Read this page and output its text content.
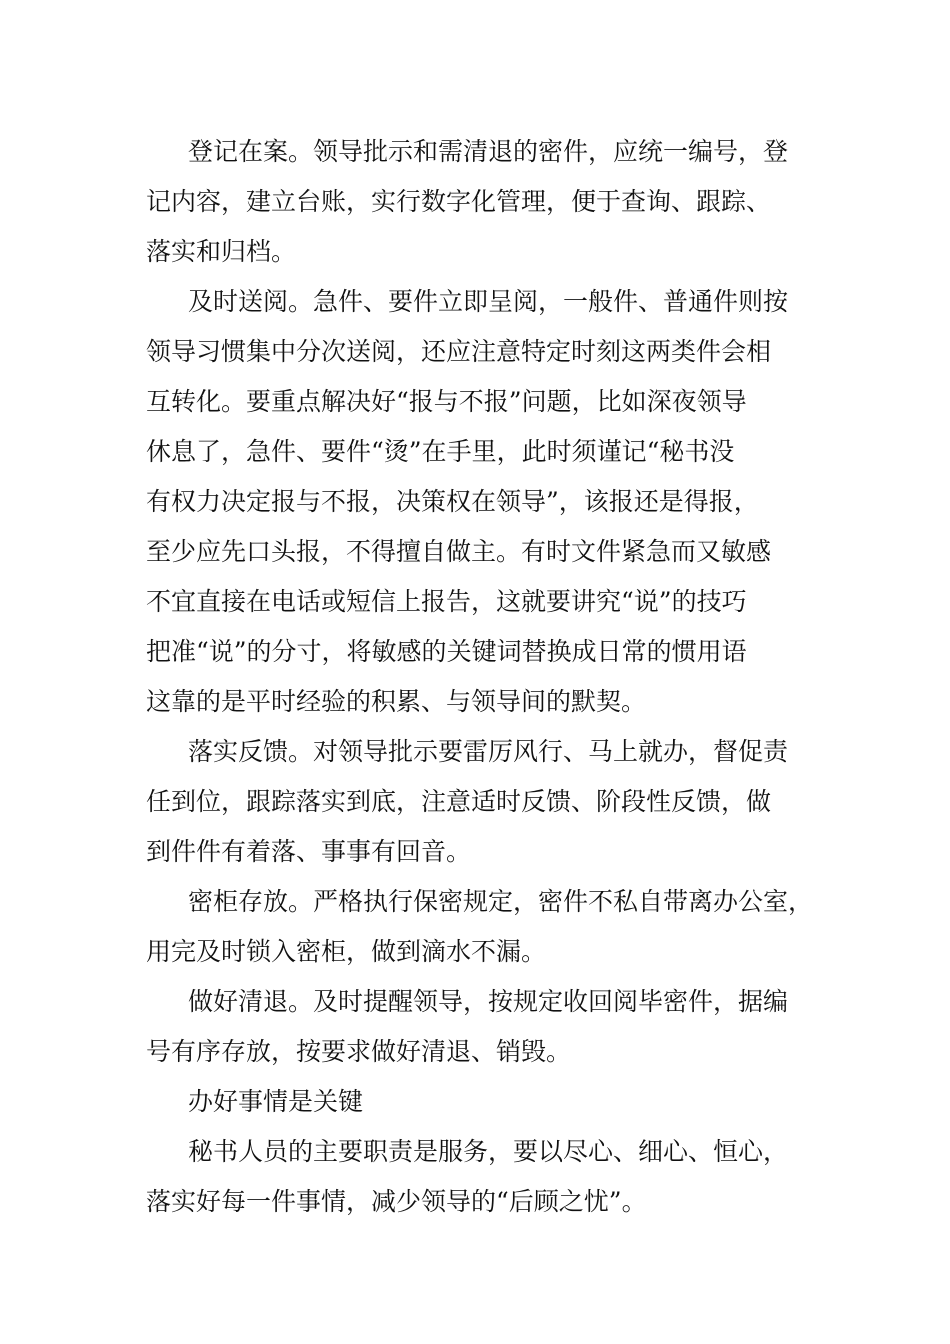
登记在案。领导批示和需清退的密件，应统一编号，登
记内容，建立台账，实行数字化管理，便于查询、跟踪、
落实和归档。

及时送阅。急件、要件立即呈阅，一般件、普通件则按
领导习惯集中分次送阅，还应注意特定时刻这两类件会相
互转化。要重点解决好“报与不报”问题，比如深夜领导
休息了，急件、要件“烫”在手里，此时须谨记“秘书没
有权力决定报与不报，决策权在领导”，该报还是得报，
至少应先口头报，不得擅自做主。有时文件紧急而又敏感
不宜直接在电话或短信上报告，这就要讲究“说”的技巧
把准“说”的分寸，将敏感的关键词替换成日常的惯用语
这靠的是平时经验的积累、与领导间的默契。

落实反馈。对领导批示要雷厉风行、马上就办，督促责
任到位，跟踪落实到底，注意适时反馈、阶段性反馈，做
到件件有着落、事事有回音。

密柜存放。严格执行保密规定，密件不私自带离办公室，
用完及时锁入密柜，做到滴水不漏。

做好清退。及时提醒领导，按规定收回阅毕密件，据编
号有序存放，按要求做好清退、销毁。

办好事情是关键

秘书人员的主要职责是服务，要以尽心、细心、恒心，
落实好每一件事情，减少领导的“后顾之忧”。
